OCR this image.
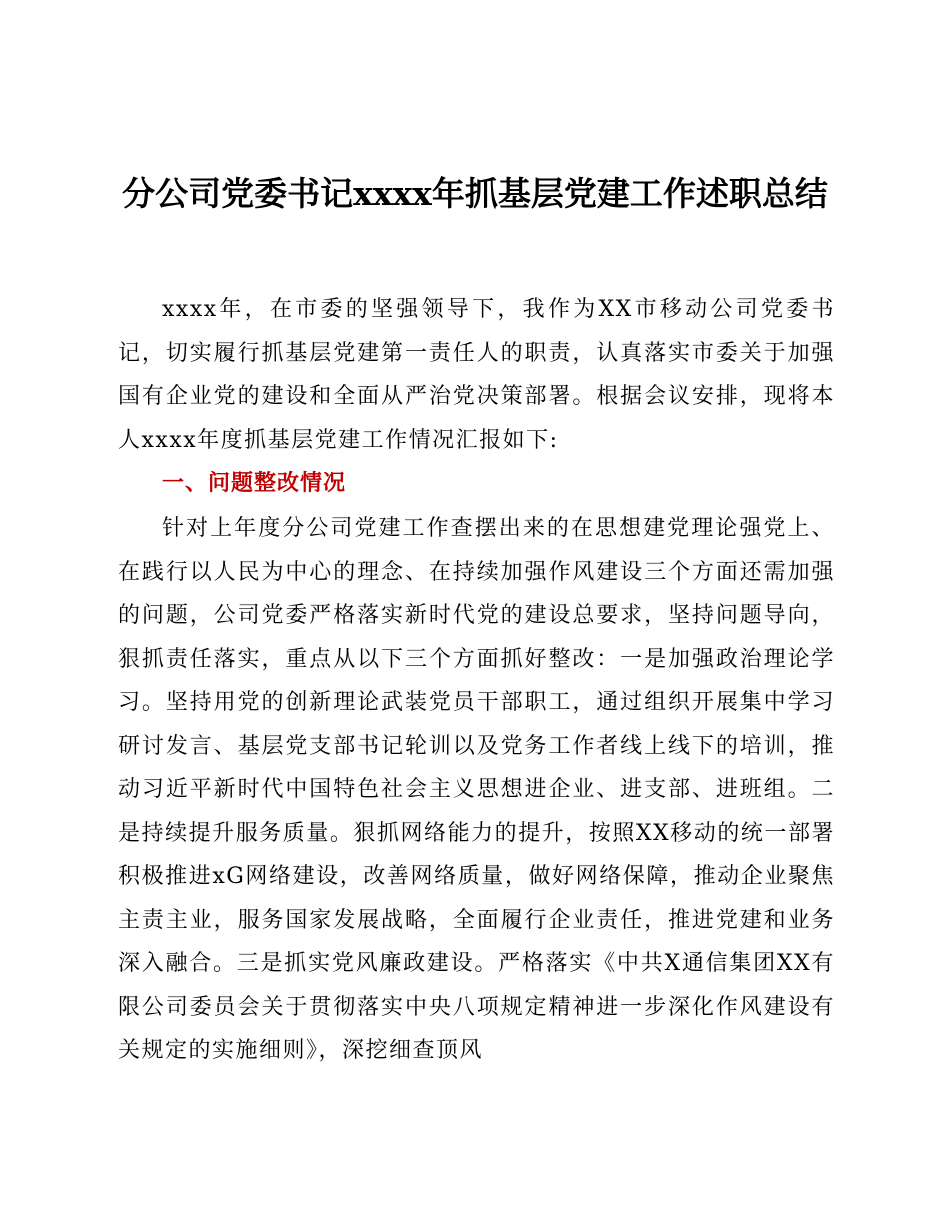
分公司党委书记xxxx年抓基层党建工作述职总结

xxxx年，在市委的坚强领导下，我作为XX市移动公司党委书记，切实履行抓基层党建第一责任人的职责，认真落实市委关于加强国有企业党的建设和全面从严治党决策部署。根据会议安排，现将本人xxxx年度抓基层党建工作情况汇报如下:

一、问题整改情况

针对上年度分公司党建工作查摆出来的在思想建党理论强党上、在践行以人民为中心的理念、在持续加强作风建设三个方面还需加强的问题，公司党委严格落实新时代党的建设总要求，坚持问题导向，狠抓责任落实，重点从以下三个方面抓好整改：一是加强政治理论学习。坚持用党的创新理论武装党员干部职工，通过组织开展集中学习研讨发言、基层党支部书记轮训以及党务工作者线上线下的培训，推动习近平新时代中国特色社会主义思想进企业、进支部、进班组。二是持续提升服务质量。狠抓网络能力的提升，按照XX移动的统一部署积极推进xG网络建设，改善网络质量，做好网络保障，推动企业聚焦主责主业，服务国家发展战略，全面履行企业责任，推进党建和业务深入融合。三是抓实党风廉政建设。严格落实《中共X通信集团XX有限公司委员会关于贯彻落实中央八项规定精神进一步深化作风建设有关规定的实施细则》，深挖细查顶风
